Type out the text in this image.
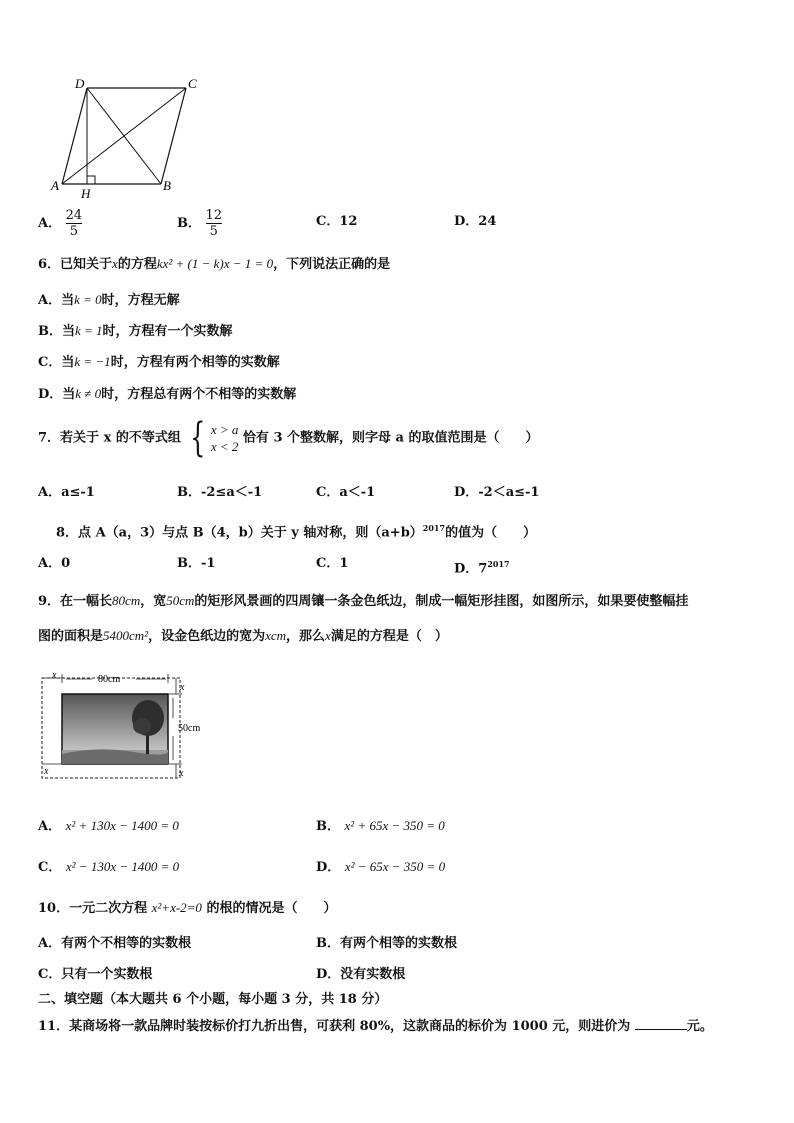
D	C
A
H
B
A． $\frac{24}{5}$	B． $\frac{12}{5}$	C．12	D．24
6．已知关于x的方程kx² + (1 − k)x − 1 = 0，下列说法正确的是
A．当k = 0时，方程无解
B．当k = 1时，方程有一个实数解
C．当k = −1时，方程有两个相等的实数解
D．当k ≠ 0时，方程总有两个不相等的实数解
7．若关于 x 的不等式组 { x > a
x < 2
恰有 3 个整数解，则字母 a 的取值范围是（　　）
A．a≤-1	B．-2≤a＜-1	C．a＜-1	D．-2＜a≤-1
8．点 A（a，3）与点 B（4，b）关于 y 轴对称，则$(a+b)^{2017}$的值为（　　）
A．0	B．-1	C．1	D．$7^{2017}$
9．在一幅长80cm，宽50cm的矩形风景画的四周镶一条金色纸边，制成一幅矩形挂图，如图所示，如果要使整幅挂
图的面积是5400cm²，设金色纸边的宽为xcm，那么x满足的方程是（　）
80cm
50cm
x
x
x	x
A． x² + 130x − 1400 = 0	B． x² + 65x − 350 = 0
C． x² − 130x − 1400 = 0	D． x² − 65x − 350 = 0
10．一元二次方程 x²+x-2=0 的根的情况是（　　）
A．有两个不相等的实数根	B．有两个相等的实数根
C．只有一个实数根	D．没有实数根
二、填空题（本大题共 6 个小题，每小题 3 分，共 18 分）
11．某商场将一款品牌时装按标价打九折出售，可获利 80%，这款商品的标价为 1000 元，则进价为	元。
